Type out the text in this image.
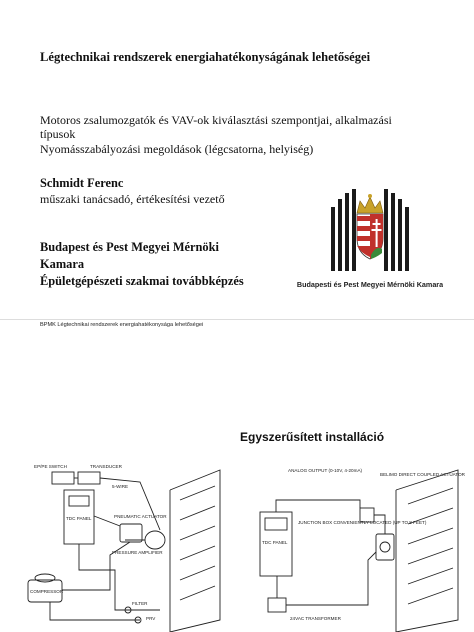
Légtechnikai rendszerek energiahatékonyságának lehetőségei
Motoros zsalumozgatók és VAV-ok kiválasztási szempontjai, alkalmazási
típusok
Nyomásszabályozási megoldások (légcsatorna, helyiség)
Schmidt Ferenc
műszaki tanácsadó, értékesítési vezető
Budapest és Pest Megyei Mérnöki
Kamara
Épületgépészeti szakmai továbbképzés	Budapesti és Pest Megyei Mérnöki Kamara
BPMK Légtechnikai rendszerek energiahatékonysága lehetőségei
Egyszerűsített installáció
EP/PE SWITCH	TRANSDUCER
TDC PANEL
5-WIRE
PRESSURE AMPLIFIER
PNEUMATIC ACTUATOR
COMPRESSOR
PRV
FILTER
ANALOG OUTPUT (0-10V, 4-20mA)
TDC PANEL
JUNCTION BOX CONVENIENTLY LOCATED (UP TO 8 FEET)
BELIMO DIRECT COUPLED ACTUATOR
24VAC TRANSFORMER
